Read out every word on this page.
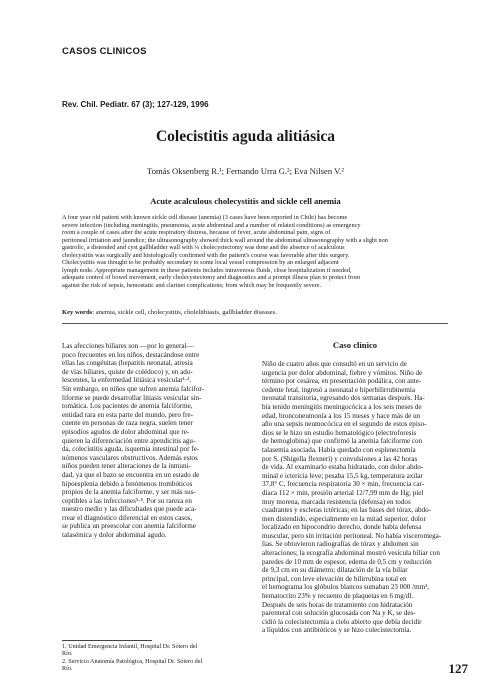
CASOS CLINICOS
Rev. Chil. Pediatr. 67 (3); 127-129, 1996
Colecistitis aguda alitiásica
Tomás Oksenberg R.¹; Fernando Urra G.²; Eva Nilsen V.²
Acute acalculous cholecystitis and sickle cell anemia
A four year old patient with known sickle cell disease (anemia) (3 cases have been reported in Chile) has become
severe infection (including meningitis, pneumonia, acute abdominal and a number of related conditions) as emergency
room a couple of cases after the acute respiratory distress, because of fever, acute abdominal pain, signs of
peritoneal irritation and jaundice; the ultrasonography showed thick wall around the abdominal ultrasonography with a slight non
gastrolic, a distended and cyst gallbladder wall with ¼ cholecystectomy was done and the absence of acalculous
cholecystitis was surgically and histologically confirmed with the patient's course was favorable after this surgery.
Cholecystitis was thought to be probably secondary to some local vessel compression by an enlarged adjacent
lymph node. Appropriate management in these patients includes intravenous fluids, close hospitalization if needed,
adequate control of bowel movement, early cholecystectomy and diagnostics and a prompt illness plan to protect from
against the risk of sepsis, hemostatic and clarinet complications; from which may be frequently severe.
Key words: anemia, sickle cell, cholecystitis, cholelithiasis, gallbladder diseases.
Las afecciones biliares son —por lo general—
poco frecuentes en los niños, destacándose entre
ellas las congénitas (hepatitis neonatal, atresia
de vías biliares, quiste de colédoco) y, en ado-
lescentes, la enfermedad litiásica vesicular¹·².
Sin embargo, en niños que sufren anemia falcifor-
liforme se puede desarrollar litiasis vesicular sin-
tomática. Los pacientes de anemia falciforme,
entidad rara en esta parte del mundo, pero fre-
cuente en personas de raza negra, suelen tener
episodios agudos de dolor abdominal que re-
quieren la diferenciación entre apendicitis agu-
da, colecistitis aguda, isquemia intestinal por fe-
nómenos vasculares obstructivos. Además estos
niños pueden tener alteraciones de la inmuni-
dad, ya que el bazo se encuentra en un estado de
hipoesplenia debido a fenómenos trombóticos
propios de la anemia falciforme, y ser más sus-
ceptibles a las infecciones³·⁴. Por su rareza en
nuestro medio y las dificultades que puede aca-
rrear el diagnóstico diferencial en estos casos,
se publica un preescolar con anemia falciforme
talasémica y dolor abdominal agudo.
Caso clínico
Niño de cuatro años que consultó en un servicio de
urgencia por dolor abdominal, fiebre y vómitos. Niño de
término por cesárea, en presentación podálica, con ante-
cedente fetal, ingresó a neonatal e hiperbilirrubinemia
neonatal transitoria, egresando dos semanas después. Ha-
bía tenido meningitis meningocócica a los seis meses de
edad, bronconeumonía a los 15 meses y hace más de un
año una sepsis neumocócica en el segundo de estos episo-
dios se le hizo un estudio hematológico (electroforesis
de hemoglobina) que confirmó la anemia falciforme con
talasemia asociada. Había quedado con esplenectomía
por S. (Shigella flexneri) y convulsiones a las 42 horas
de vida. Al examinarlo estaba hidratado, con dolor abdo-
minal e ictericia leve; pesaba 15,5 kg, temperatura axilar
37,8° C, frecuencia respiratoria 30 × min, frecuencia car-
díaca 112 × min, presión arterial 12/7,99 mm de Hg; piel
muy morena, marcada resistencia (defensa) en todos
cuadrantes y escleras ictéricas; en las bases del tórax, abdo-
men distendido, especialmente en la mitad superior, dolor
localizado en hipocondrio derecho, donde había defensa
muscular, pero sin irritación peritoneal. No había visceromega-
lias. Se obtuvieron radiografías de tórax y abdomen sin
alteraciones; la ecografía abdominal mostró vesícula biliar con
paredes de 10 mm de espesor, edema de 0,5 cm y reducción
de 9,3 cm en su diámetro; dilatación de la vía biliar
principal, con leve elevación de bilirrubina total en
el hemograma los glóbulos blancos sumaban 23 000 /mm³,
hematocrito 23% y recuento de plaquetas en 6 mg/dl.
Después de seis horas de tratamiento con hidratación
parenteral con solución glucosada con Na y K, se des-
cidió la colecistectomía a cielo abierto que debía decidir
a líquidos con antibióticos y se hizo colecistectomía.
1. Unidad Emergencia Infantil, Hospital Dr. Sótero del
Río.
2. Servicio Anatomía Patológica, Hospital Dr. Sótero del
Río.	127
